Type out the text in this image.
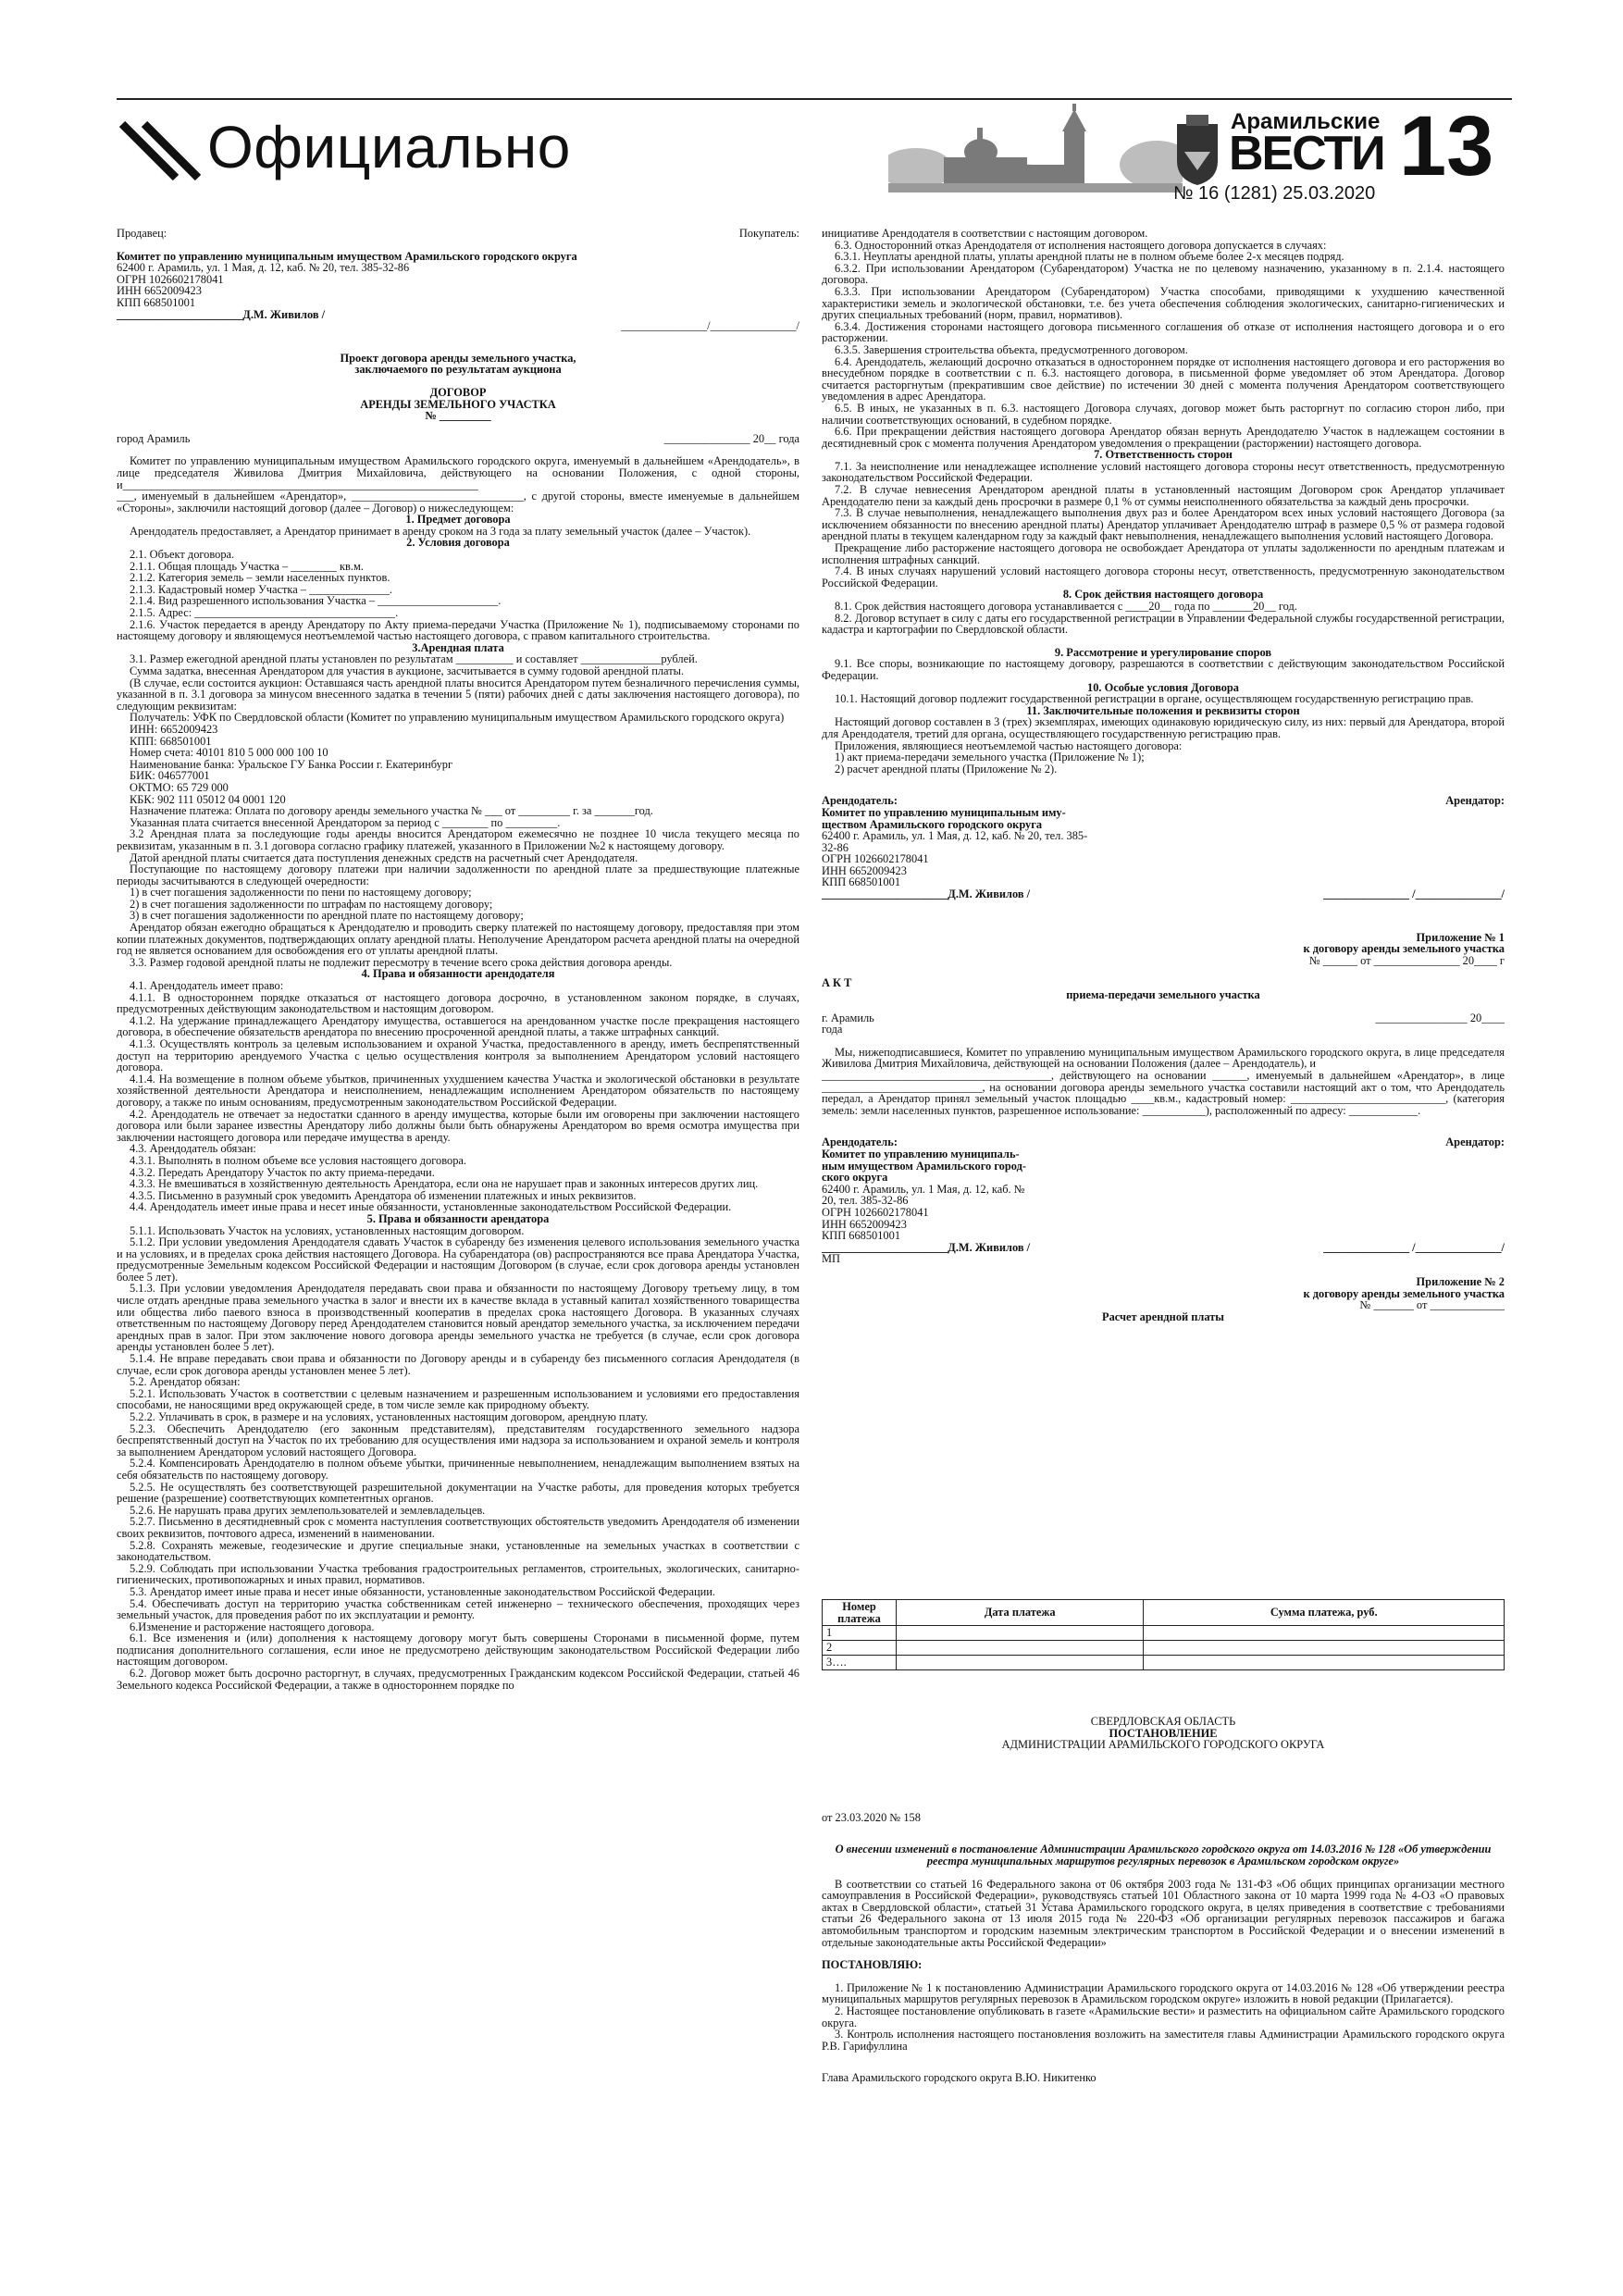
Официально	Арамильские
ВЕСТИ 13
№ 16 (1281) 25.03.2020

Продавец:	Покупатель:

Комитет по управлению муниципальным имуществом Арамильского городского округа

62400 г. Арамиль, ул. 1 Мая, д. 12, каб. № 20, тел. 385-32-86

ОГРН 1026602178041

ИНН 6652009423

КПП 668501001

______________________Д.М. Живилов /

_______________/_______________/

Проект договора аренды земельного участка,

заключаемого по результатам аукциона

ДОГОВОР

АРЕНДЫ ЗЕМЕЛЬНОГО УЧАСТКА

№ _________

город Арамиль	_______________ 20__ года

Комитет по управлению муниципальным имуществом Арамильского городского округа, именуемый в дальнейшем «Арендодатель», в лице председателя Живилова Дмитрия Михайловича, действующего на основании Положения, с одной стороны, и______________________________________________________________

___, именуемый в дальнейшем «Арендатор», ______________________________, с другой стороны, вместе именуемые в дальнейшем «Стороны», заключили настоящий договор (далее – Договор) о нижеследующем:

1. Предмет договора

Арендодатель предоставляет, а Арендатор принимает в аренду сроком на 3 года за плату земельный участок (далее – Участок).

2. Условия договора

2.1. Объект договора.

2.1.1. Общая площадь Участка – ________ кв.м.

2.1.2. Категория земель – земли населенных пунктов.

2.1.3. Кадастровый номер Участка – ______________.

2.1.4. Вид разрешенного использования Участка – _____________________.

2.1.5. Адрес: ___________________________________.

2.1.6. Участок передается в аренду Арендатору по Акту приема-передачи Участка (Приложение № 1), подписываемому сторонами по настоящему договору и являющемуся неотъемлемой частью настоящего договора, с правом капитального строительства.

3.Арендная плата

3.1. Размер ежегодной арендной платы установлен по результатам __________ и составляет ______________рублей.

Сумма задатка, внесенная Арендатором для участия в аукционе, засчитывается в сумму годовой арендной платы.

(В случае, если состоится аукцион: Оставшаяся часть арендной платы вносится Арендатором путем безналичного перечисления суммы, указанной в п. 3.1 договора за минусом внесенного задатка в течении 5 (пяти) рабочих дней с даты заключения настоящего договора), по следующим реквизитам:

Получатель: УФК по Свердловской области (Комитет по управлению муниципальным имуществом Арамильского городского округа)

ИНН: 6652009423

КПП: 668501001

Номер счета: 40101 810 5 000 000 100 10

Наименование банка: Уральское ГУ Банка России г. Екатеринбург

БИК: 046577001

ОКТМО: 65 729 000

КБК: 902 111 05012 04 0001 120

Назначение платежа: Оплата по договору аренды земельного участка № ___ от _________ г. за _______год.

Указанная плата считается внесенной Арендатором за период с ________ по _________.

3.2 Арендная плата за последующие годы аренды вносится Арендатором ежемесячно не позднее 10 числа текущего месяца по реквизитам, указанным в п. 3.1 договора согласно графику платежей, указанного в Приложении №2 к настоящему договору.

Датой арендной платы считается дата поступления денежных средств на расчетный счет Арендодателя.

Поступающие по настоящему договору платежи при наличии задолженности по арендной плате за предшествующие платежные периоды засчитываются в следующей очередности:

1) в счет погашения задолженности по пени по настоящему договору;

2) в счет погашения задолженности по штрафам по настоящему договору;

3) в счет погашения задолженности по арендной плате по настоящему договору;

Арендатор обязан ежегодно обращаться к Арендодателю и проводить сверку платежей по настоящему договору, предоставляя при этом копии платежных документов, подтверждающих оплату арендной платы. Неполучение Арендатором расчета арендной платы на очередной год не является основанием для освобождения его от уплаты арендной платы.

3.3. Размер годовой арендной платы не подлежит пересмотру в течение всего срока действия договора аренды.

4. Права и обязанности арендодателя

4.1. Арендодатель имеет право:

4.1.1. В одностороннем порядке отказаться от настоящего договора досрочно, в установленном законом порядке, в случаях, предусмотренных действующим законодательством и настоящим договором.

4.1.2. На удержание принадлежащего Арендатору имущества, оставшегося на арендованном участке после прекращения настоящего договора, в обеспечение обязательств арендатора по внесению просроченной арендной платы, а также штрафных санкций.

4.1.3. Осуществлять контроль за целевым использованием и охраной Участка, предоставленного в аренду, иметь беспрепятственный доступ на территорию арендуемого Участка с целью осуществления контроля за выполнением Арендатором условий настоящего договора.

4.1.4. На возмещение в полном объеме убытков, причиненных ухудшением качества Участка и экологической обстановки в результате хозяйственной деятельности Арендатора и неисполнением, ненадлежащим исполнением Арендатором обязательств по настоящему договору, а также по иным основаниям, предусмотренным законодательством Российской Федерации.

4.2. Арендодатель не отвечает за недостатки сданного в аренду имущества, которые были им оговорены при заключении настоящего договора или были заранее известны Арендатору либо должны были быть обнаружены Арендатором во время осмотра имущества при заключении настоящего договора или передаче имущества в аренду.

4.3. Арендодатель обязан:

4.3.1. Выполнять в полном объеме все условия настоящего договора.

4.3.2. Передать Арендатору Участок по акту приема-передачи.

4.3.3. Не вмешиваться в хозяйственную деятельность Арендатора, если она не нарушает прав и законных интересов других лиц.

4.3.5. Письменно в разумный срок уведомить Арендатора об изменении платежных и иных реквизитов.

4.4. Арендодатель имеет иные права и несет иные обязанности, установленные законодательством Российской Федерации.

5. Права и обязанности арендатора

5.1.1. Использовать Участок на условиях, установленных настоящим договором.

5.1.2. При условии уведомления Арендодателя сдавать Участок в субаренду без изменения целевого использования земельного участка и на условиях, и в пределах срока действия настоящего Договора. На субарендатора (ов) распространяются все права Арендатора Участка, предусмотренные Земельным кодексом Российской Федерации и настоящим Договором (в случае, если срок договора аренды установлен более 5 лет).

5.1.3. При условии уведомления Арендодателя передавать свои права и обязанности по настоящему Договору третьему лицу, в том числе отдать арендные права земельного участка в залог и внести их в качестве вклада в уставный капитал хозяйственного товарищества или общества либо паевого взноса в производственный кооператив в пределах срока настоящего Договора. В указанных случаях ответственным по настоящему Договору перед Арендодателем становится новый арендатор земельного участка, за исключением передачи арендных прав в залог. При этом заключение нового договора аренды земельного участка не требуется (в случае, если срок договора аренды установлен более 5 лет).

5.1.4. Не вправе передавать свои права и обязанности по Договору аренды и в субаренду без письменного согласия Арендодателя (в случае, если срок договора аренды установлен менее 5 лет).

5.2. Арендатор обязан:

5.2.1. Использовать Участок в соответствии с целевым назначением и разрешенным использованием и условиями его предоставления способами, не наносящими вред окружающей среде, в том числе земле как природному объекту.

5.2.2. Уплачивать в срок, в размере и на условиях, установленных настоящим договором, арендную плату.

5.2.3. Обеспечить Арендодателю (его законным представителям), представителям государственного земельного надзора беспрепятственный доступ на Участок по их требованию для осуществления ими надзора за использованием и охраной земель и контроля за выполнением Арендатором условий настоящего Договора.

5.2.4. Компенсировать Арендодателю в полном объеме убытки, причиненные невыполнением, ненадлежащим выполнением взятых на себя обязательств по настоящему договору.

5.2.5. Не осуществлять без соответствующей разрешительной документации на Участке работы, для проведения которых требуется решение (разрешение) соответствующих компетентных органов.

5.2.6. Не нарушать права других землепользователей и землевладельцев.

5.2.7. Письменно в десятидневный срок с момента наступления соответствующих обстоятельств уведомить Арендодателя об изменении своих реквизитов, почтового адреса, изменений в наименовании.

5.2.8. Сохранять межевые, геодезические и другие специальные знаки, установленные на земельных участках в соответствии с законодательством.

5.2.9. Соблюдать при использовании Участка требования градостроительных регламентов, строительных, экологических, санитарно-гигиенических, противопожарных и иных правил, нормативов.

5.3. Арендатор имеет иные права и несет иные обязанности, установленные законодательством Российской Федерации.

5.4. Обеспечивать доступ на территорию участка собственникам сетей инженерно – технического обеспечения, проходящих через земельный участок, для проведения работ по их эксплуатации и ремонту.

6.Изменение и расторжение настоящего договора.

6.1. Все изменения и (или) дополнения к настоящему договору могут быть совершены Сторонами в письменной форме, путем подписания дополнительного соглашения, если иное не предусмотрено действующим законодательством Российской Федерации либо настоящим договором.

6.2. Договор может быть досрочно расторгнут, в случаях, предусмотренных Гражданским кодексом Российской Федерации, статьей 46 Земельного кодекса Российской Федерации, а также в одностороннем порядке по

инициативе Арендодателя в соответствии с настоящим договором.

6.3. Односторонний отказ Арендодателя от исполнения настоящего договора допускается в случаях:

6.3.1. Неуплаты арендной платы, уплаты арендной платы не в полном объеме более 2-х месяцев подряд.

6.3.2. При использовании Арендатором (Субарендатором) Участка не по целевому назначению, указанному в п. 2.1.4. настоящего договора.

6.3.3. При использовании Арендатором (Субарендатором) Участка способами, приводящими к ухудшению качественной характеристики земель и экологической обстановки, т.е. без учета обеспечения соблюдения экологических, санитарно-гигиенических и других специальных требований (норм, правил, нормативов).

6.3.4. Достижения сторонами настоящего договора письменного соглашения об отказе от исполнения настоящего договора и о его расторжении.

6.3.5. Завершения строительства объекта, предусмотренного договором.

6.4. Арендодатель, желающий досрочно отказаться в одностороннем порядке от исполнения настоящего договора и его расторжения во внесудебном порядке в соответствии с п. 6.3. настоящего договора, в письменной форме уведомляет об этом Арендатора. Договор считается расторгнутым (прекратившим свое действие) по истечении 30 дней с момента получения Арендатором соответствующего уведомления в адрес Арендатора.

6.5. В иных, не указанных в п. 6.3. настоящего Договора случаях, договор может быть расторгнут по согласию сторон либо, при наличии соответствующих оснований, в судебном порядке.

6.6. При прекращении действия настоящего договора Арендатор обязан вернуть Арендодателю Участок в надлежащем состоянии в десятидневный срок с момента получения Арендатором уведомления о прекращении (расторжении) настоящего договора.

7. Ответственность сторон

7.1. За неисполнение или ненадлежащее исполнение условий настоящего договора стороны несут ответственность, предусмотренную законодательством Российской Федерации.

7.2. В случае невнесения Арендатором арендной платы в установленный настоящим Договором срок Арендатор уплачивает Арендодателю пени за каждый день просрочки в размере 0,1 % от суммы неисполненного обязательства за каждый день просрочки.

7.3. В случае невыполнения, ненадлежащего выполнения двух раз и более Арендатором всех иных условий настоящего Договора (за исключением обязанности по внесению арендной платы) Арендатор уплачивает Арендодателю штраф в размере 0,5 % от размера годовой арендной платы в текущем календарном году за каждый факт невыполнения, ненадлежащего выполнения условий настоящего Договора.

Прекращение либо расторжение настоящего договора не освобождает Арендатора от уплаты задолженности по арендным платежам и исполнения штрафных санкций.

7.4. В иных случаях нарушений условий настоящего договора стороны несут, ответственность, предусмотренную законодательством Российской Федерации.

8. Срок действия настоящего договора

8.1. Срок действия настоящего договора устанавливается с ____20__ года по _______20__ год.

8.2. Договор вступает в силу с даты его государственной регистрации в Управлении Федеральной службы государственной регистрации, кадастра и картографии по Свердловской области.

9. Рассмотрение и урегулирование споров

9.1. Все споры, возникающие по настоящему договору, разрешаются в соответствии с действующим законодательством Российской Федерации.

10. Особые условия Договора

10.1. Настоящий договор подлежит государственной регистрации в органе, осуществляющем государственную регистрацию прав.

11. Заключительные положения и реквизиты сторон

Настоящий договор составлен в 3 (трех) экземплярах, имеющих одинаковую юридическую силу, из них: первый для Арендатора, второй для Арендодателя, третий для органа, осуществляющего государственную регистрацию прав.

Приложения, являющиеся неотъемлемой частью настоящего договора:

1) акт приема-передачи земельного участка (Приложение № 1);

2) расчет арендной платы (Приложение № 2).

Арендодатель:	Арендатор:

Комитет по управлению муниципальным иму-

ществом Арамильского городского округа

62400 г. Арамиль, ул. 1 Мая, д. 12, каб. № 20, тел. 385-

32-86

ОГРН 1026602178041

ИНН 6652009423

КПП 668501001

______________________Д.М. Живилов /	_______________ /_______________/

Приложение № 1

к договору аренды земельного участка

№ ______ от _______________ 20____ г

А К Т

приема-передачи земельного участка

г. Арамиль	________________ 20____

года

Мы, нижеподписавшиеся, Комитет по управлению муниципальным имуществом Арамильского городского округа, в лице председателя Живилова Дмитрия Михайловича, действующей на основании Положения (далее – Арендодатель), и

________________________________________, действующего на основании ______, именуемый в дальнейшем «Арендатор», в лице ____________________________, на основании договора аренды земельного участка составили настоящий акт о том, что Арендодатель передал, а Арендатор принял земельный участок площадью ____кв.м., кадастровый номер: ___________________________, (категория земель: земли населенных пунктов, разрешенное использование: ___________), расположенный по адресу: ____________.

Арендодатель:	Арендатор:

Комитет по управлению муниципаль-

ным имуществом Арамильского город-

ского округа

62400 г. Арамиль, ул. 1 Мая, д. 12, каб. №

20, тел. 385-32-86

ОГРН 1026602178041

ИНН 6652009423

КПП 668501001

______________________Д.М. Живилов /	_______________ /_______________/

МП

Приложение № 2

к договору аренды земельного участка

№ _______ от _____________

Расчет арендной платы

Номер платежа	Дата платежа	Сумма платежа, руб.
1		
2		
3….		

СВЕРДЛОВСКАЯ ОБЛАСТЬ

ПОСТАНОВЛЕНИЕ

АДМИНИСТРАЦИИ АРАМИЛЬСКОГО ГОРОДСКОГО ОКРУГА

от 23.03.2020 № 158

О внесении изменений в постановление Администрации Арамильского городского округа от 14.03.2016 № 128 «Об утверждении реестра муниципальных маршрутов регулярных перевозок в Арамильском городском округе»

В соответствии со статьей 16 Федерального закона от 06 октября 2003 года № 131-ФЗ «Об общих принципах организации местного самоуправления в Российской Федерации», руководствуясь статьей 101 Областного закона от 10 марта 1999 года № 4-ОЗ «О правовых актах в Свердловской области», статьей 31 Устава Арамильского городского округа, в целях приведения в соответствие с требованиями статьи 26 Федерального закона от 13 июля 2015 года № 220-ФЗ «Об организации регулярных перевозок пассажиров и багажа автомобильным транспортом и городским наземным электрическим транспортом в Российской Федерации и о внесении изменений в отдельные законодательные акты Российской Федерации»

ПОСТАНОВЛЯЮ:

1. Приложение № 1 к постановлению Администрации Арамильского городского округа от 14.03.2016 № 128 «Об утверждении реестра муниципальных маршрутов регулярных перевозок в Арамильском городском округе» изложить в новой редакции (Прилагается).

2. Настоящее постановление опубликовать в газете «Арамильские вести» и разместить на официальном сайте Арамильского городского округа.

3. Контроль исполнения настоящего постановления возложить на заместителя главы Администрации Арамильского городского округа Р.В. Гарифуллина

Глава Арамильского городского округа В.Ю. Никитенко
